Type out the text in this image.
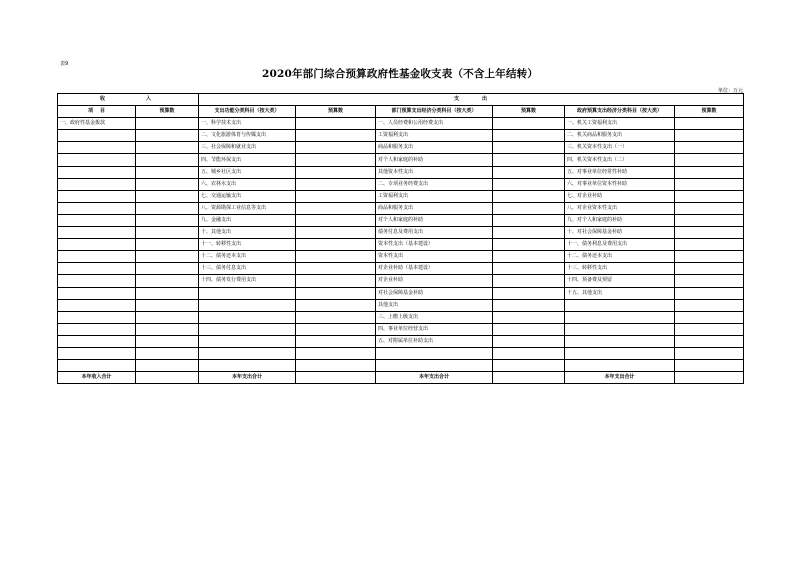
表9
2020年部门综合预算政府性基金收支表（不含上年结转）
单位：万元
收 入		支        出					
项    目	预算数	支出功能分类科目（按大类）	预算数	部门预算支出经济分类科目（按大类）	预算数	政府预算支出经济分类科目（按大类）	预算数
一、政府性基金拨款		一、科学技术支出		一、人员经费和公用经费支出		一、机关工资福利支出	
		二、文化旅游体育与传媒支出		工资福利支出		二、机关商品和服务支出	
		三、社会保障和就业支出		商品和服务支出		三、机关资本性支出（一）	
		四、节能环保支出		对个人和家庭的补助		四、机关资本性支出（二）	
		五、城乡社区支出		其他资本性支出		五、对事业单位经常性补助	
		六、农林水支出		二、专项业务经费支出		六、对事业单位资本性补助	
		七、交通运输支出		工资福利支出		七、对企业补助	
		八、资源勘探工业信息等支出		商品和服务支出		八、对企业资本性支出	
		九、金融支出		对个人和家庭的补助		九、对个人和家庭的补助	
		十、其他支出		债务付息及费用支出		十、对社会保障基金补助	
		十一、转移性支出		资本性支出（基本建设）		十一、债务利息及费用支出	
		十二、债务还本支出		资本性支出		十二、债务还本支出	
		十三、债务付息支出		对企业补助（基本建设）		十三、转移性支出	
		十四、债务发行费用支出		对企业补助		十四、预备费及预留	
				对社会保障基金补助		十五、其他支出	
				其他支出			
				三、上缴上级支出			
				四、事业单位经营支出			
				五、对附属单位补助支出			

本年收入合计		本年支出合计		本年支出合计		本年支出合计	
